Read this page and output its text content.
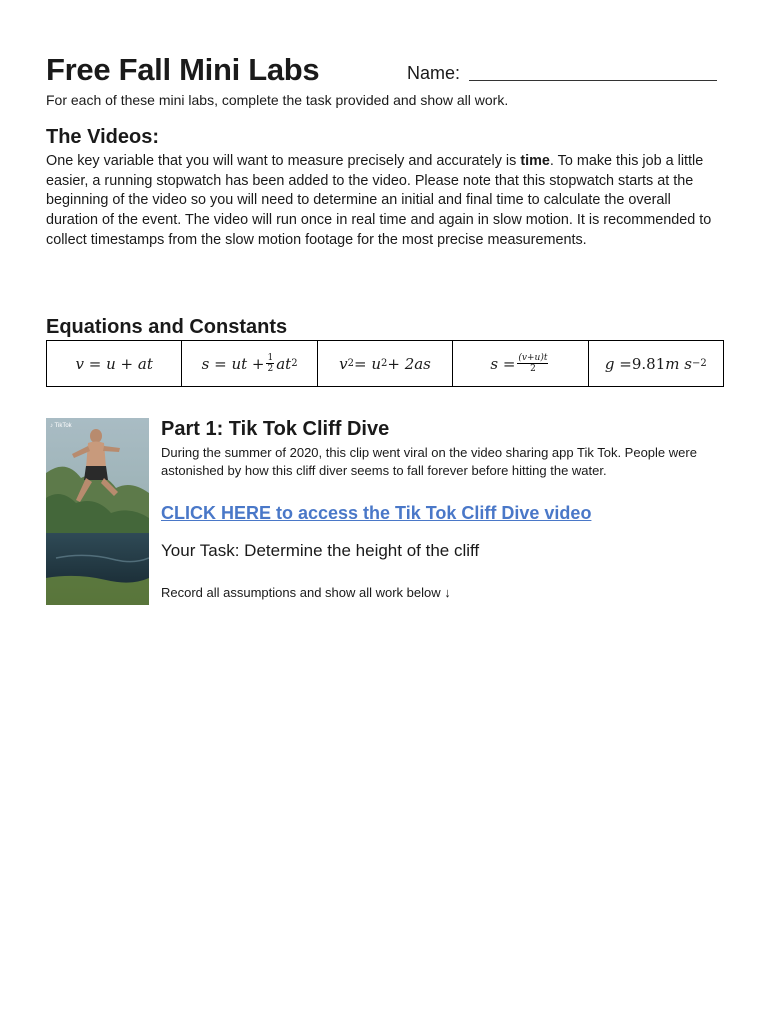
Free Fall Mini Labs	Name:
For each of these mini labs, complete the task provided and show all work.
The Videos:

One key variable that you will want to measure precisely and accurately is time. To make this job a little easier, a running stopwatch has been added to the video. Please note that this stopwatch starts at the beginning of the video so you will need to determine an initial and final time to calculate the overall duration of the event. The video will run once in real time and again in slow motion. It is recommended to collect timestamps from the slow motion footage for the most precise measurements.

Equations and Constants
v = u + at	s = ut + $\frac{1}{2}$ at 2	v 2 = u 2 + 2as	$s = \frac{(v+u)t}{2}$	g = 9.81 m s −2
♪ TikTok	Part 1: Tik Tok Cliff Dive

During the summer of 2020, this clip went viral on the video sharing app Tik Tok. People were astonished by how this cliff diver seems to fall forever before hitting the water.

CLICK HERE to access the Tik Tok Cliff Dive video
Your Task: Determine the height of the cliff
Record all assumptions and show all work below ↓
